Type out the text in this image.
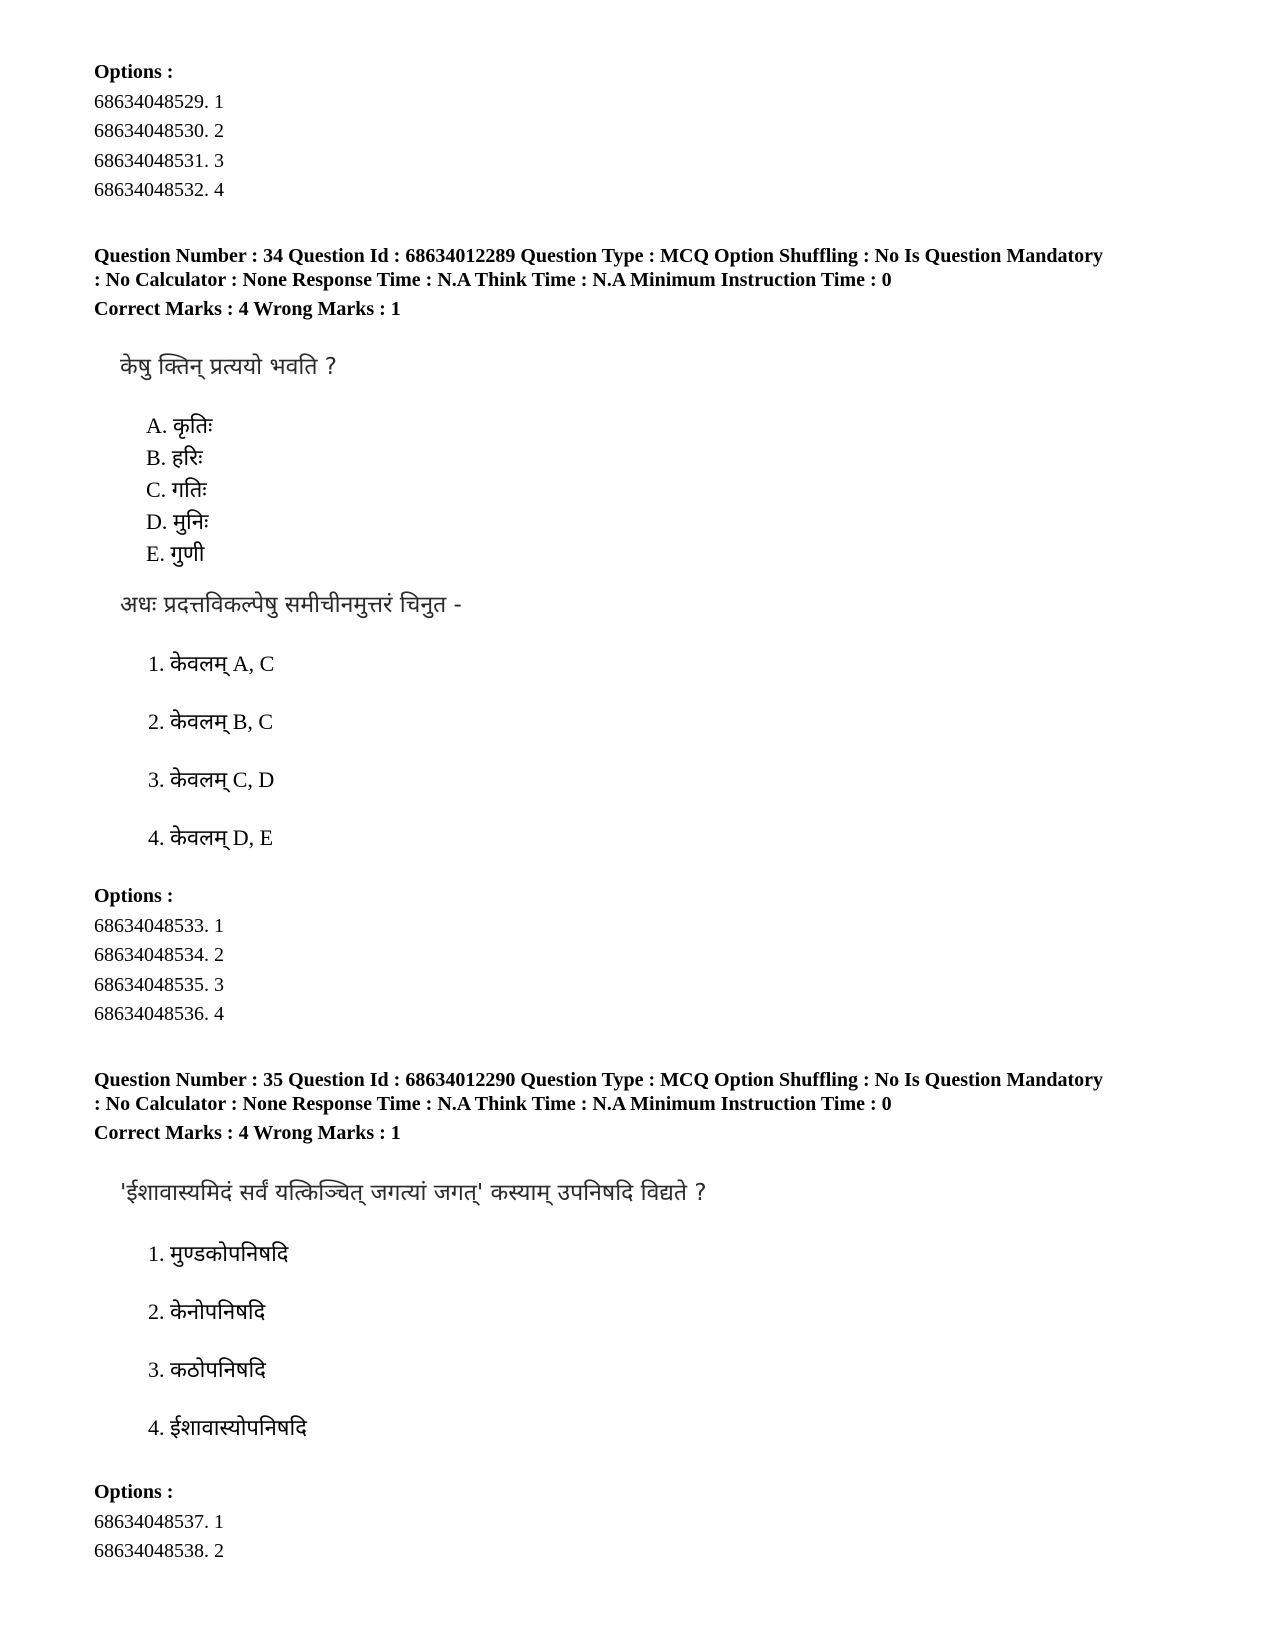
Options :
68634048529. 1
68634048530. 2
68634048531. 3
68634048532. 4
Question Number : 34 Question Id : 68634012289 Question Type : MCQ Option Shuffling : No Is Question Mandatory
: No Calculator : None Response Time : N.A Think Time : N.A Minimum Instruction Time : 0
Correct Marks : 4 Wrong Marks : 1
केषु क्तिन् प्रत्ययो भवति ?
A. कृतिः
B. हरिः
C. गतिः
D. मुनिः
E. गुणी
अधः प्रदत्तविकल्पेषु समीचीनमुत्तरं चिनुत -
1. केवलम् A, C
2. केवलम् B, C
3. केवलम् C, D
4. केवलम् D, E
Options :
68634048533. 1
68634048534. 2
68634048535. 3
68634048536. 4
Question Number : 35 Question Id : 68634012290 Question Type : MCQ Option Shuffling : No Is Question Mandatory
: No Calculator : None Response Time : N.A Think Time : N.A Minimum Instruction Time : 0
Correct Marks : 4 Wrong Marks : 1
'ईशावास्यमिदं सर्वं यत्किञ्चित् जगत्यां जगत्' कस्याम् उपनिषदि विद्यते ?
1. मुण्डकोपनिषदि
2. केनोपनिषदि
3. कठोपनिषदि
4. ईशावास्योपनिषदि
Options :
68634048537. 1
68634048538. 2
